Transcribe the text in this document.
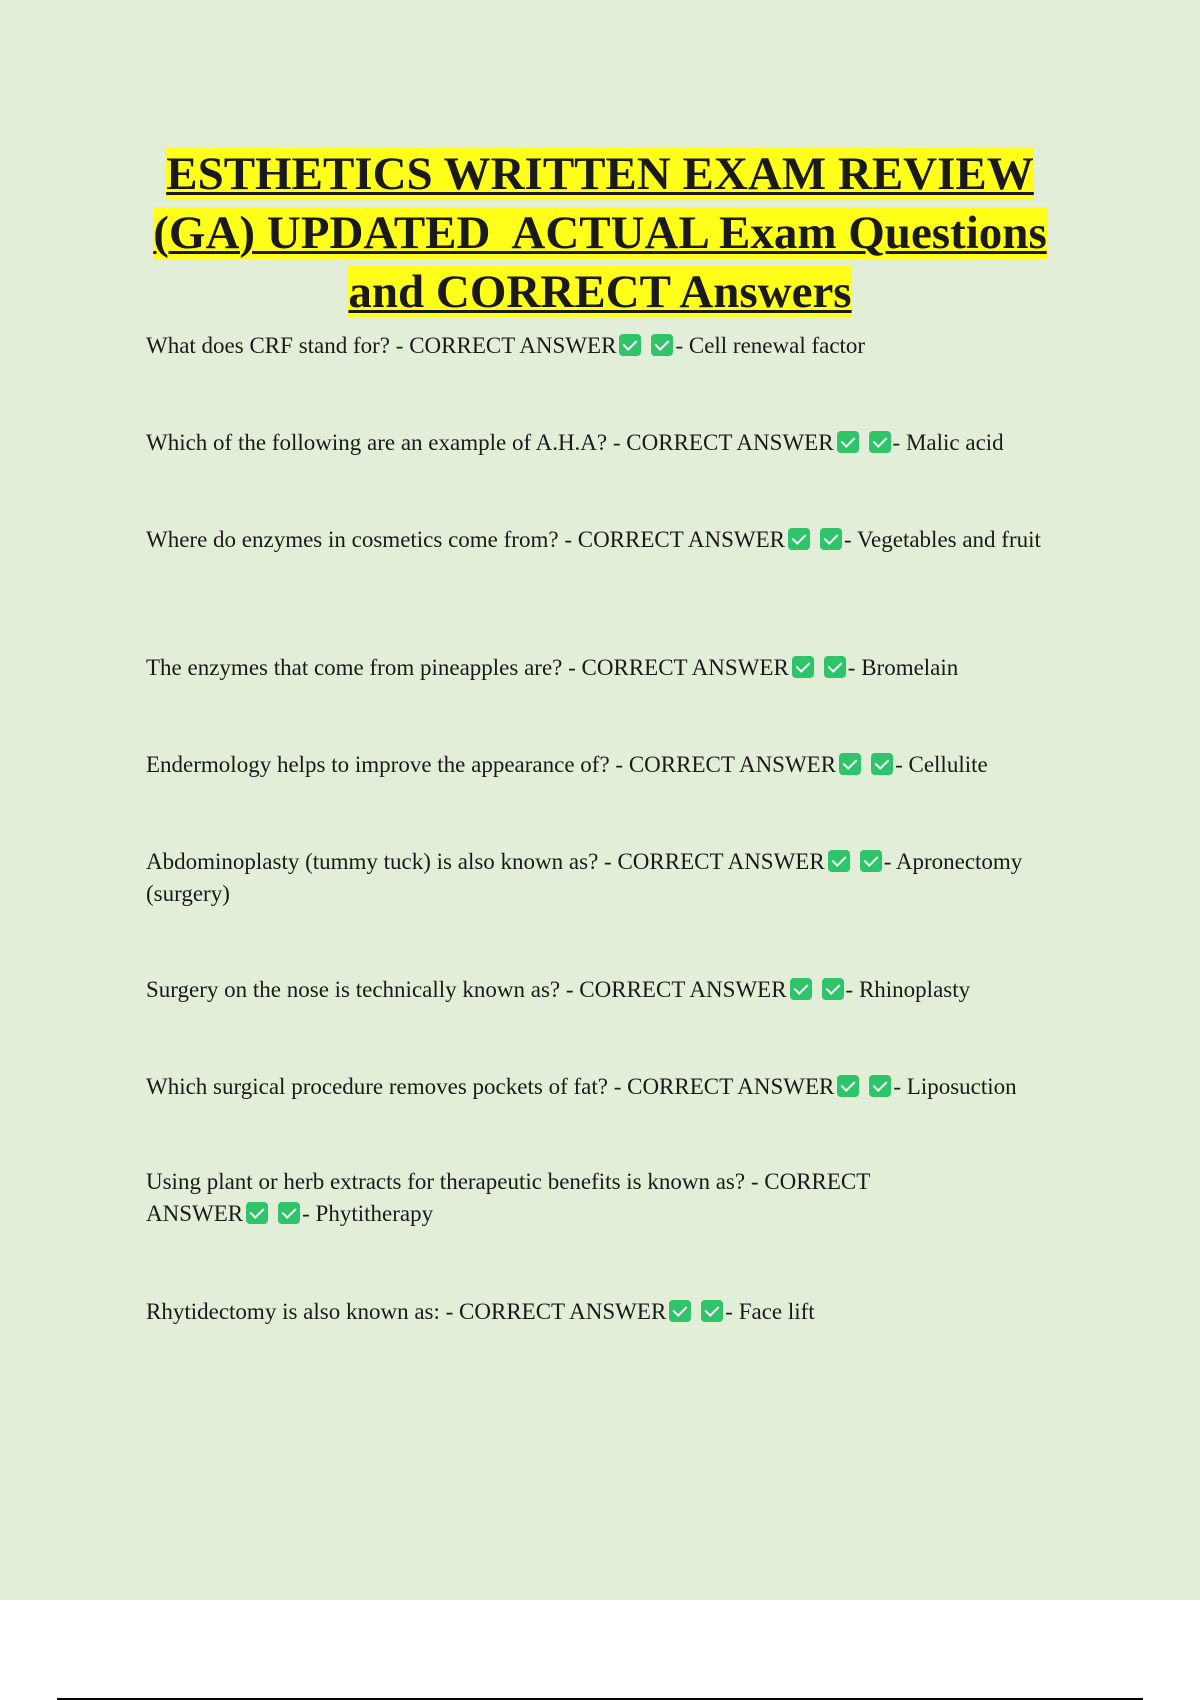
ESTHETICS WRITTEN EXAM REVIEW
(GA) UPDATED  ACTUAL Exam Questions
and CORRECT Answers

What does CRF stand for? - CORRECT ANSWER	- Cell renewal factor

Which of the following are an example of A.H.A? - CORRECT ANSWER	- Malic acid

Where do enzymes in cosmetics come from? - CORRECT ANSWER	- Vegetables and fruit

The enzymes that come from pineapples are? - CORRECT ANSWER	- Bromelain

Endermology helps to improve the appearance of? - CORRECT ANSWER	- Cellulite

Abdominoplasty (tummy tuck) is also known as? - CORRECT ANSWER	- Apronectomy (surgery)

Surgery on the nose is technically known as? - CORRECT ANSWER	- Rhinoplasty

Which surgical procedure removes pockets of fat? - CORRECT ANSWER	- Liposuction

Using plant or herb extracts for therapeutic benefits is known as? - CORRECT ANSWER	- Phytitherapy

Rhytidectomy is also known as: - CORRECT ANSWER	- Face lift
